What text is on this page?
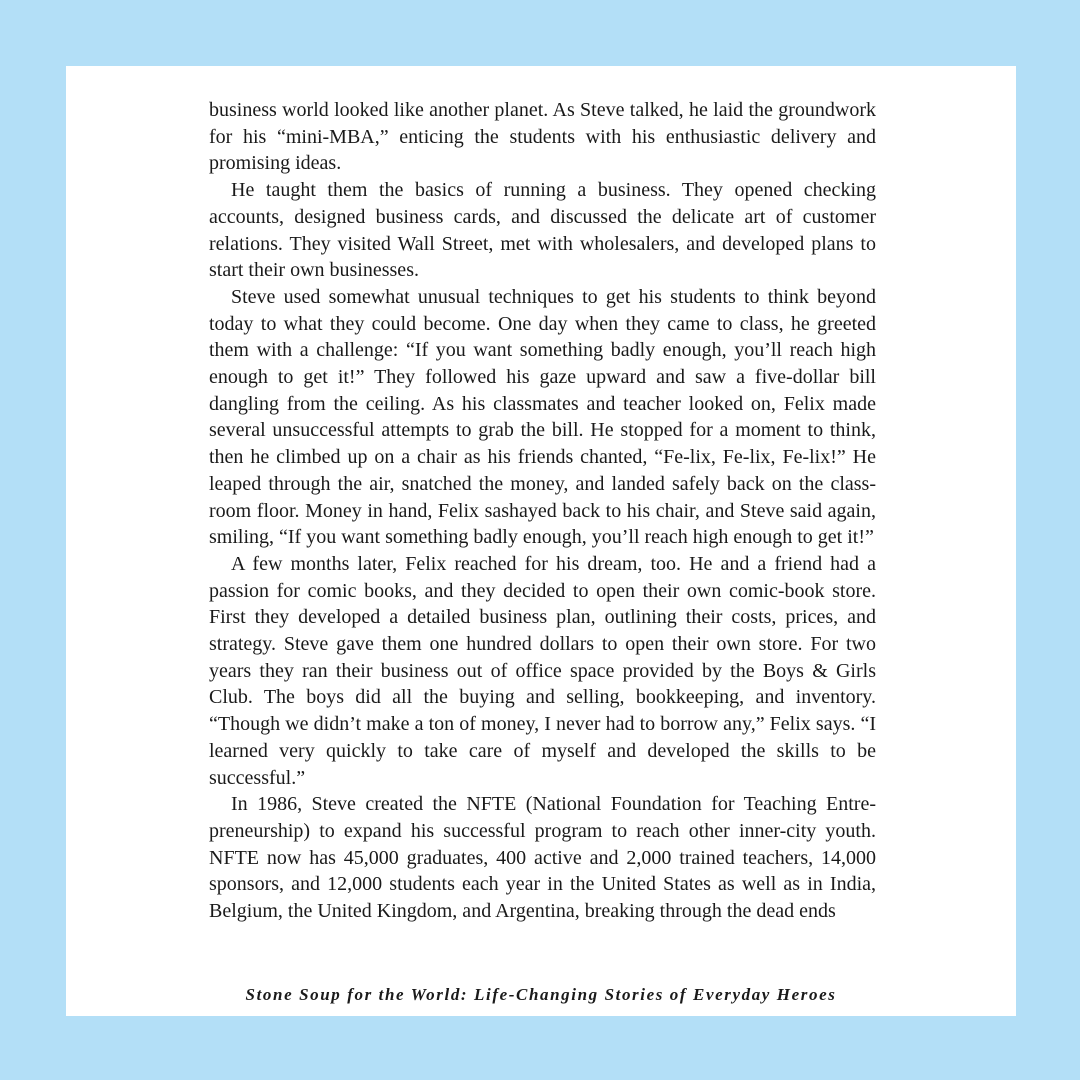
business world looked like another planet. As Steve talked, he laid the groundwork for his “mini-MBA,” enticing the students with his enthusiastic delivery and promising ideas.

He taught them the basics of running a business. They opened checking accounts, designed business cards, and discussed the delicate art of customer relations. They visited Wall Street, met with wholesalers, and developed plans to start their own businesses.

Steve used somewhat unusual techniques to get his students to think beyond today to what they could become. One day when they came to class, he greeted them with a challenge: “If you want something badly enough, you’ll reach high enough to get it!” They followed his gaze upward and saw a five-dollar bill dangling from the ceiling. As his classmates and teacher looked on, Felix made several unsuccessful attempts to grab the bill. He stopped for a moment to think, then he climbed up on a chair as his friends chanted, “Fe-lix, Fe-lix, Fe-lix!” He leaped through the air, snatched the money, and landed safely back on the classroom floor. Money in hand, Felix sashayed back to his chair, and Steve said again, smiling, “If you want something badly enough, you’ll reach high enough to get it!”

A few months later, Felix reached for his dream, too. He and a friend had a passion for comic books, and they decided to open their own comic-book store. First they developed a detailed business plan, outlining their costs, prices, and strategy. Steve gave them one hundred dollars to open their own store. For two years they ran their business out of office space provided by the Boys & Girls Club. The boys did all the buying and selling, bookkeeping, and inventory. “Though we didn’t make a ton of money, I never had to borrow any,” Felix says. “I learned very quickly to take care of myself and developed the skills to be successful.”

In 1986, Steve created the NFTE (National Foundation for Teaching Entrepreneurship) to expand his successful program to reach other inner-city youth. NFTE now has 45,000 graduates, 400 active and 2,000 trained teachers, 14,000 sponsors, and 12,000 students each year in the United States as well as in India, Belgium, the United Kingdom, and Argentina, breaking through the dead ends

Stone Soup for the World: Life-Changing Stories of Everyday Heroes
